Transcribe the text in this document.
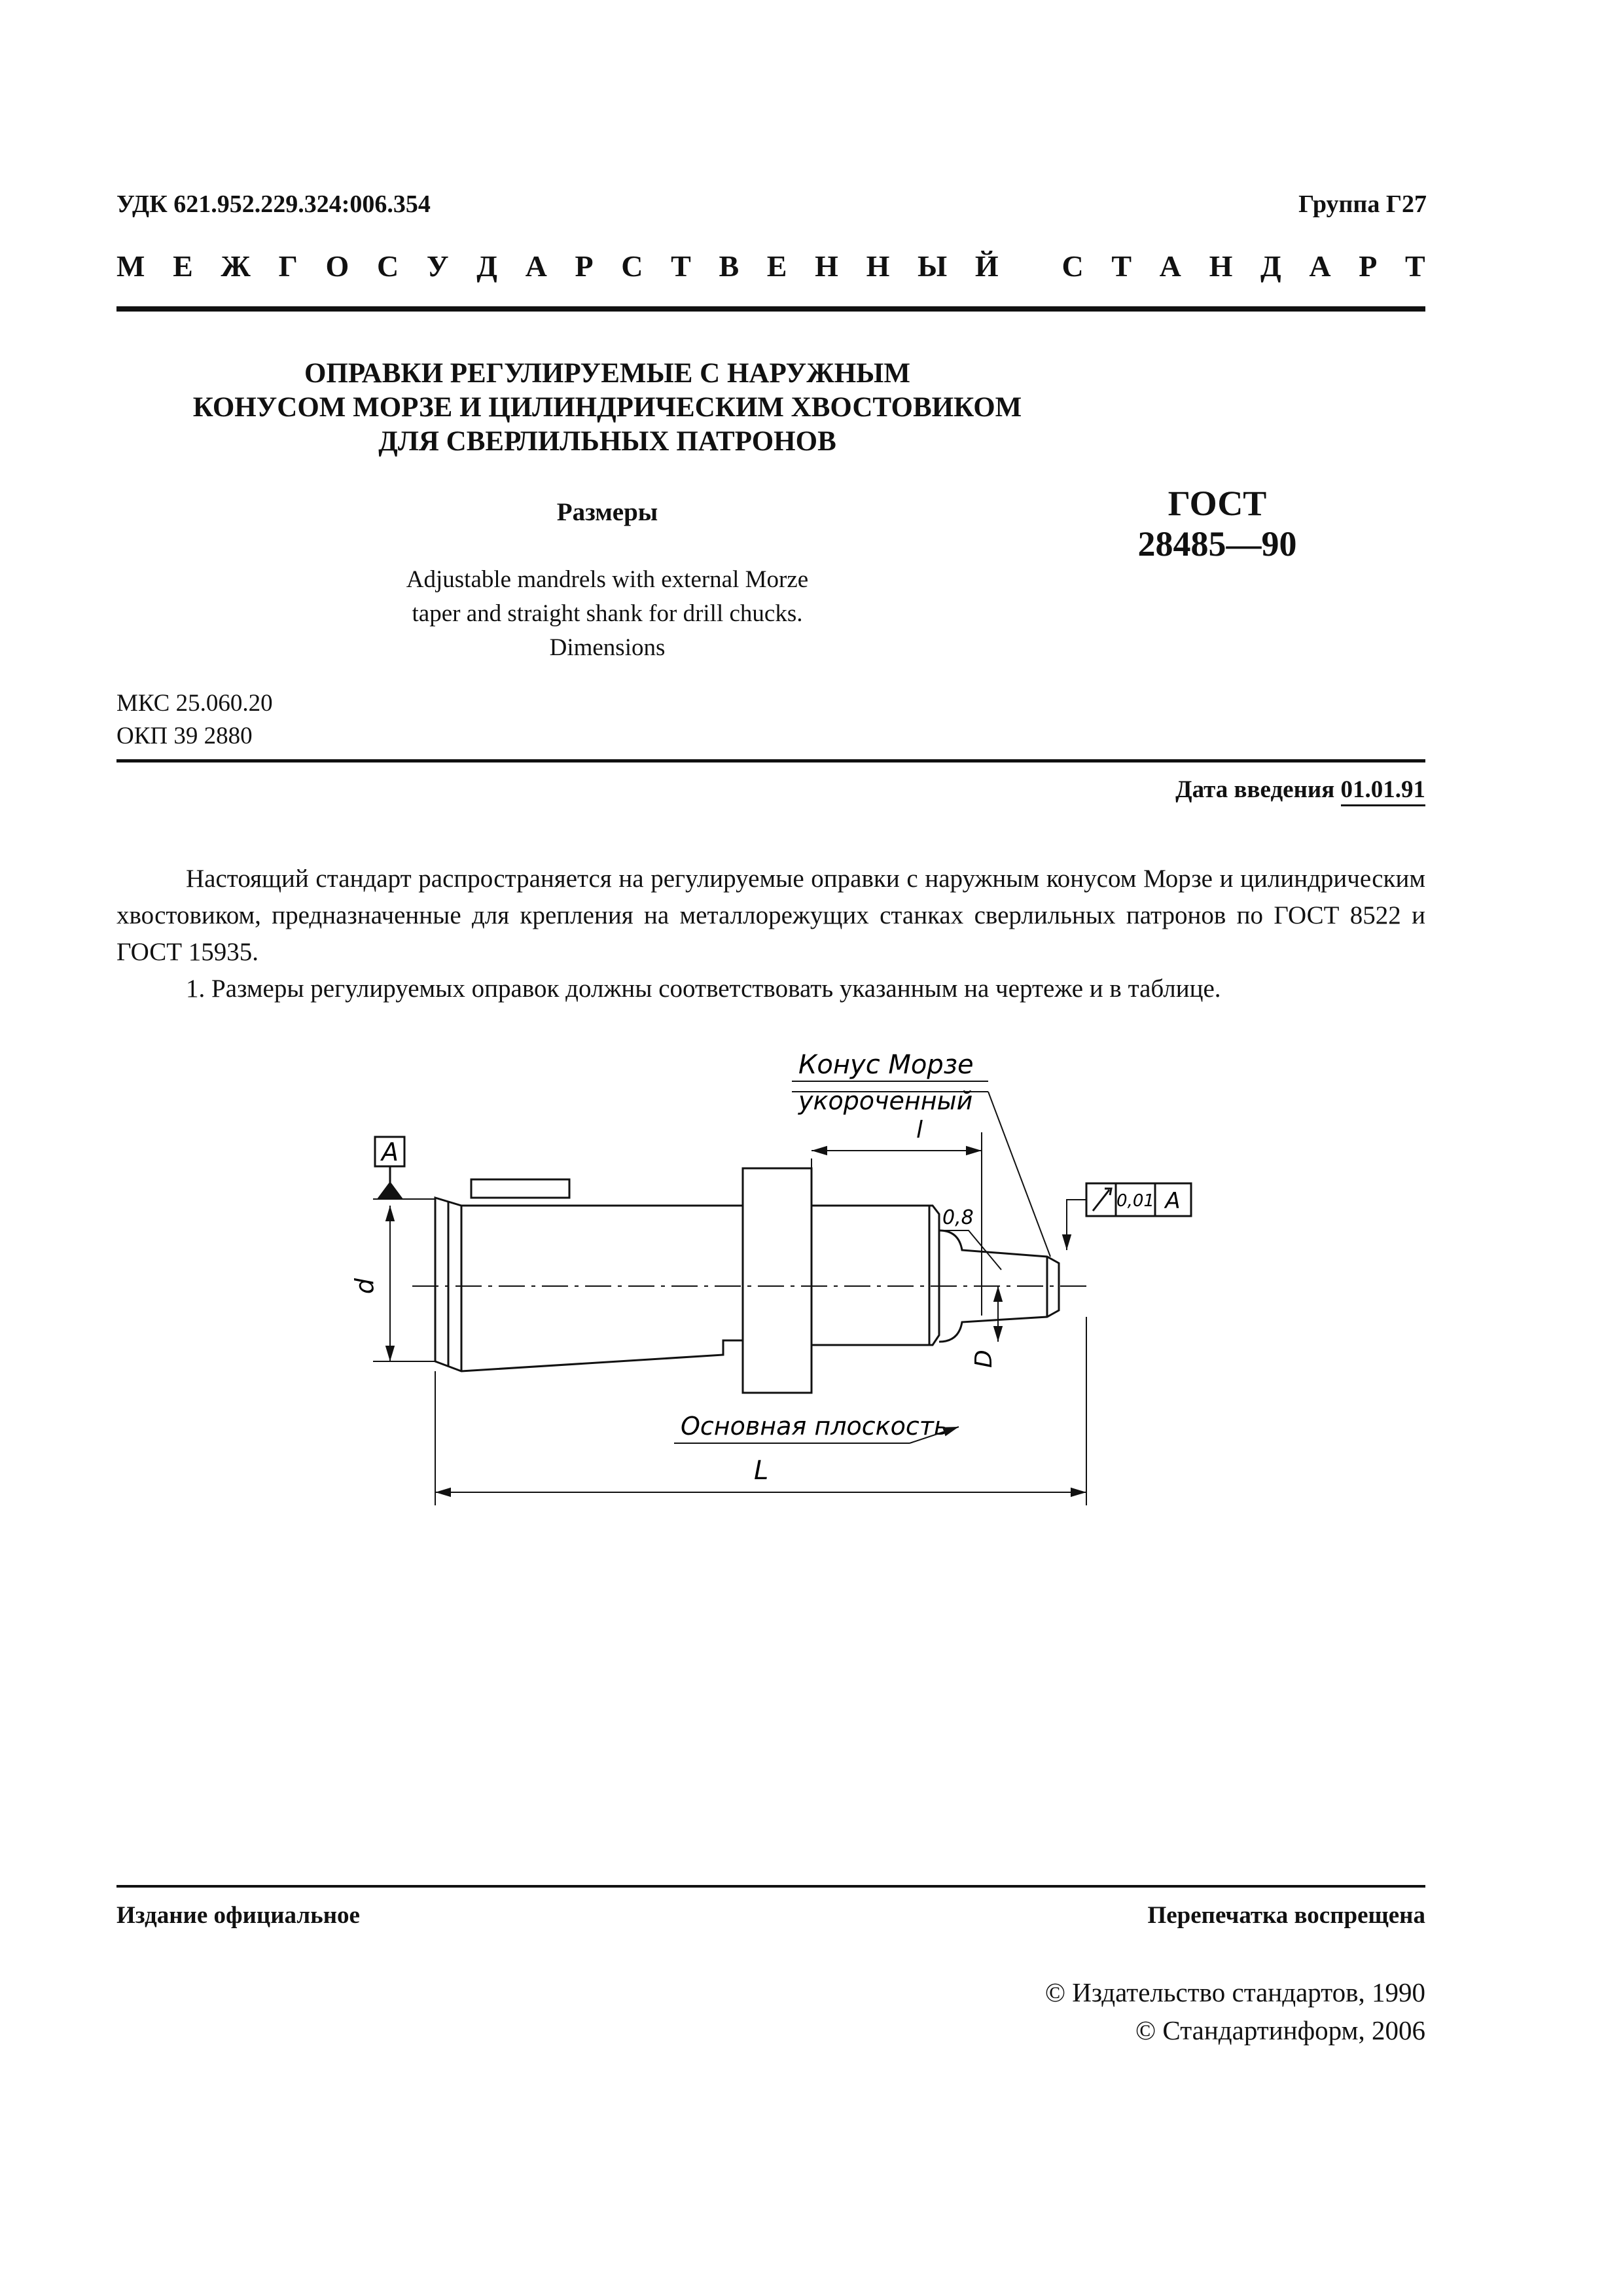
УДК 621.952.229.324:006.354	Группа Г27
М Е Ж Г О С У Д А Р С Т В Е Н Н Ы Й
С Т А Н Д А Р Т
ОПРАВКИ РЕГУЛИРУЕМЫЕ С НАРУЖНЫМ
КОНУСОМ МОРЗЕ И ЦИЛИНДРИЧЕСКИМ ХВОСТОВИКОМ
ДЛЯ СВЕРЛИЛЬНЫХ ПАТРОНОВ
Размеры	ГОСТ
28485—90
Adjustable mandrels with external Morze
taper and straight shank for drill chucks.
Dimensions
МКС 25.060.20
ОКП 39 2880
Дата введения 01.01.91

Настоящий стандарт распространяется на регулируемые оправки с наружным конусом Морзе и цилиндрическим хвостовиком, предназначенные для крепления на металлорежущих станках сверлильных патронов по ГОСТ 8522 и ГОСТ 15935.

1. Размеры регулируемых оправок должны соответствовать указанным на чертеже и в таблице.

A
d
L
l
Конус Морзе
укороченный
0,8
D
0,01 A
Основная плоскость
Издание официальное	Перепечатка воспрещена
© Издательство стандартов, 1990
© Стандартинформ, 2006
